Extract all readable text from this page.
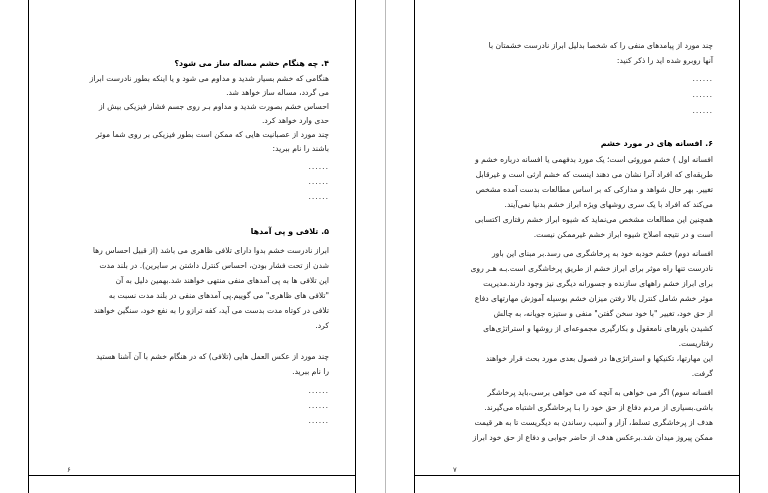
۴. چه هنگام خشم مساله ساز می شود؟
هنگامی که خشم بسیار شدید و مداوم می شود و یا اینکه بطور نادرست ابراز
می گردد، مساله ساز خواهد شد.
احساس خشم بصورت شدید و مداوم بـر روی جسم فشار فیزیکی بیش از
حدی وارد خواهد کرد.
چند مورد از عصبانیت هایی که ممکن است بطور فیزیکی بر روی شما موثر
باشند را نام ببرید:
......
......
......
۵. تلافی و پی آمدها
ابراز نادرست خشم بدوا دارای تلافی ظاهری می باشد (از قبیل احساس رها
شدن از تحت فشار بودن، احساس کنترل داشتن بر سایرین). در بلند مدت
این تلافی ها به پی آمدهای منفی منتهی خواهند شد.بهمین دلیل به آن
"تلافی های ظاهری" می گوییم.پی آمدهای منفی در بلند مدت نسبت به
تلافی در کوتاه مدت بدست می آید، کفه ترازو را به نفع خود، سنگین خواهند
کرد.
چند مورد از عکس العمل هایی (تلافی) که در هنگام خشم با آن آشنا هستید
را نام ببرید.
......
......
......
۶
چند مورد از پیامدهای منفی را که شخصا بدلیل ابراز نادرست خشمتان با
آنها روبرو شده اید را ذکر کنید:
......
......
......
۶. افسانه های در مورد خشم
افسانه اول ) خشم موروثی است؛ یک مورد بدفهمی یا افسانه درباره خشم و
طریقه‌ای که افراد آنرا نشان می دهند اینست که خشم ارثی است و غیرقابل
تغییر. بهر حال شواهد و مدارکی که بر اساس مطالعات بدست آمده مشخص
می‌کند که افراد با یک سری روشهای ویژه ابراز خشم بدنیا نمی‌آیند.
همچنین این مطالعات مشخص می‌نماید که شیوه ابراز خشم رفتاری اکتسابی
است و در نتیجه اصلاح شیوه ابراز خشم غیرممکن نیست.
افسانه دوم) خشم خودبه خود به پرخاشگری می رسد.بر مبنای این باور
نادرست تنها راه موثر برای ابراز خشم از طریق پرخاشگری است.بـه هـر روی
برای ابراز خشم راههای سازنده و جسورانه دیگری نیز وجود دارند.مدیریت
موثر خشم شامل کنترل بالا رفتن میزان خشم بوسیله آموزش مهارتهای دفاع
از حق خود، تغییر "با خود سخن گفتن" منفی و ستیزه جویانه، به چالش
کشیدن باورهای نامعقول و بکارگیری مجموعه‌ای از روشها و استراتژی‌های
رفتاریست.
این مهارتها، تکنیکها و استراتژی‌ها در فصول بعدی مورد بحث قرار خواهند
گرفت.
افسانه سوم) اگر می خواهی به آنچه که می خواهی برسی،باید پرخاشگر
باشی.بسیاری از مردم دفاع از حق خود را بـا پرخاشگری اشتباه می‌گیرند.
هدف از پرخاشگری تسلط، آزار و آسیب رساندن به دیگریست تا به هر قیمت
ممکن پیروز میدان شد.برعکس هدف از حاضر جوابی و دفاع از حق خود ابراز
۷
